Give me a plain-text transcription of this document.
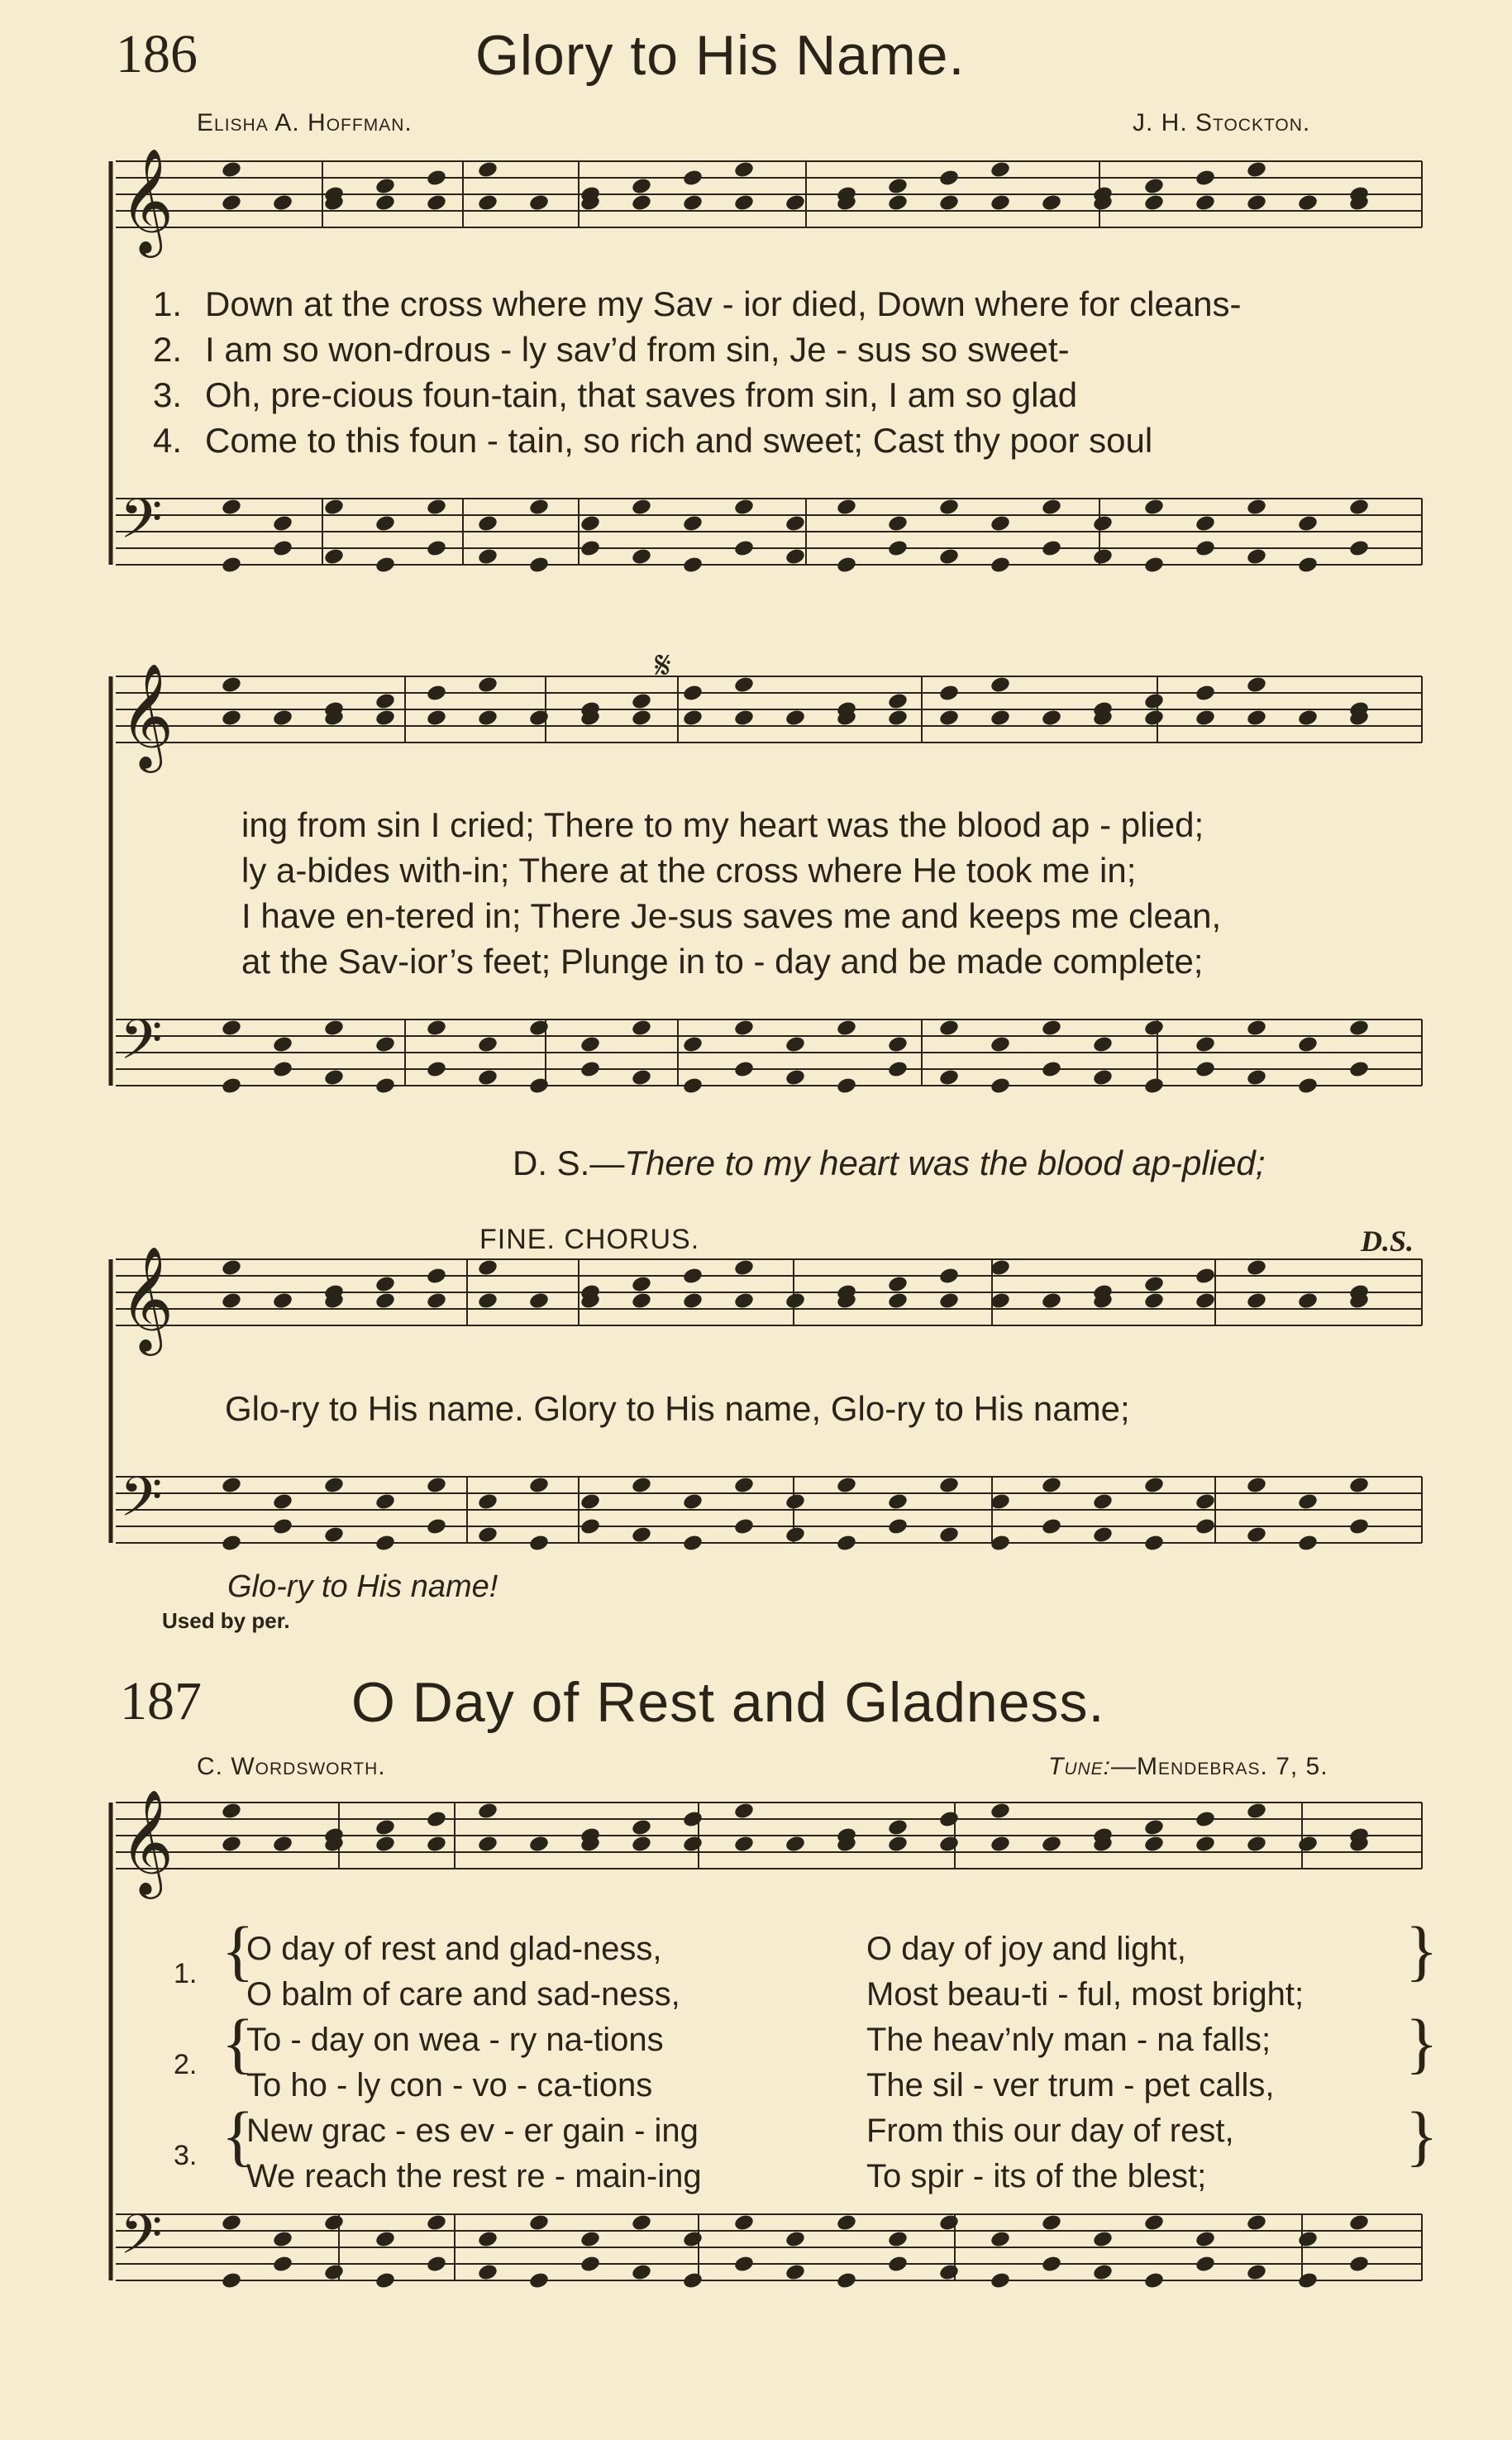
𝄞
𝄢
𝄞
𝄢
𝄞
𝄢
𝄞
𝄢
186	Glory to His Name.
Elisha A. Hoffman.	J. H. Stockton.
1. Down at the cross where my Sav - ior died, Down where for cleans-
2. I am so won-drous - ly sav’d from sin, Je - sus so sweet-
3. Oh, pre-cious foun-tain, that saves from sin, I am so glad
4. Come to this foun - tain, so rich and sweet; Cast thy poor soul
ing from sin I cried; There to my heart was the blood ap - plied;
ly a-bides with-in; There at the cross where He took me in;
I have en-tered in; There Je-sus saves me and keeps me clean,
at the Sav-ior’s feet; Plunge in to - day and be made complete;
𝄋
D. S.—There to my heart was the blood ap-plied;
FINE. CHORUS.	D.S.
Glo-ry to His name. Glory to His name, Glo-ry to His name;
Glo-ry to His name!
Used by per.
187	O Day of Rest and Gladness.
C. Wordsworth.	Tune:—Mendebras. 7, 5.
1.
O day of rest and glad-ness,	O day of joy and light,
O balm of care and sad-ness,	Most beau-ti - ful, most bright;
2.
To - day on wea - ry na-tions	The heav’nly man - na falls;
To ho - ly con - vo - ca-tions	The sil - ver trum - pet calls,
3.
New grac - es ev - er gain - ing	From this our day of rest,
We reach the rest re - main-ing	To spir - its of the blest;
{
{
{
}
}
}
